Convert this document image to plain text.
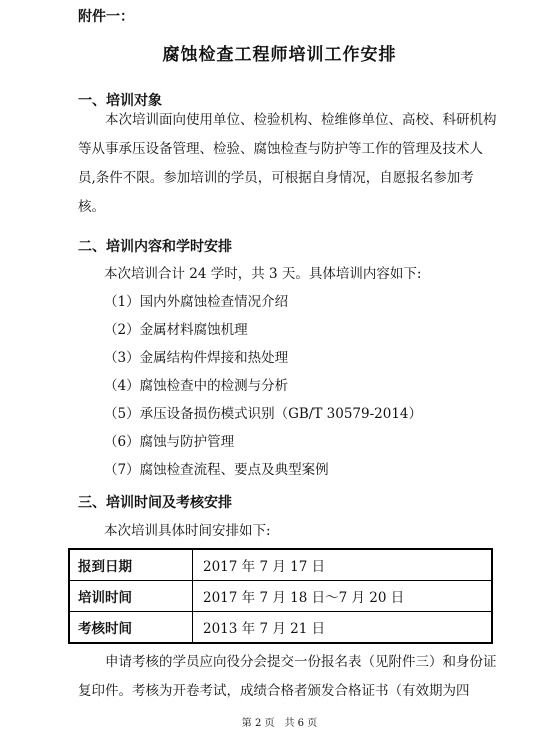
附件一：
腐蚀检查工程师培训工作安排
一、培训对象
本次培训面向使用单位、检验机构、检维修单位、高校、科研机构等从事承压设备管理、检验、腐蚀检查与防护等工作的管理及技术人员,条件不限。参加培训的学员，可根据自身情况，自愿报名参加考核。
二、培训内容和学时安排
本次培训合计 24 学时，共 3 天。具体培训内容如下:
（1）国内外腐蚀检查情况介绍
（2）金属材料腐蚀机理
（3）金属结构件焊接和热处理
（4）腐蚀检查中的检测与分析
（5）承压设备损伤模式识别（GB/T 30579-2014）
（6）腐蚀与防护管理
（7）腐蚀检查流程、要点及典型案例
三、培训时间及考核安排
本次培训具体时间安排如下:
报到日期	2017 年 7 月 17 日
培训时间	2017 年 7 月 18 日～7 月 20 日
考核时间	2013 年 7 月 21 日
申请考核的学员应向役分会提交一份报名表（见附件三）和身份证复印件。考核为开卷考试，成绩合格者颁发合格证书（有效期为四
第 2 页　共 6 页
